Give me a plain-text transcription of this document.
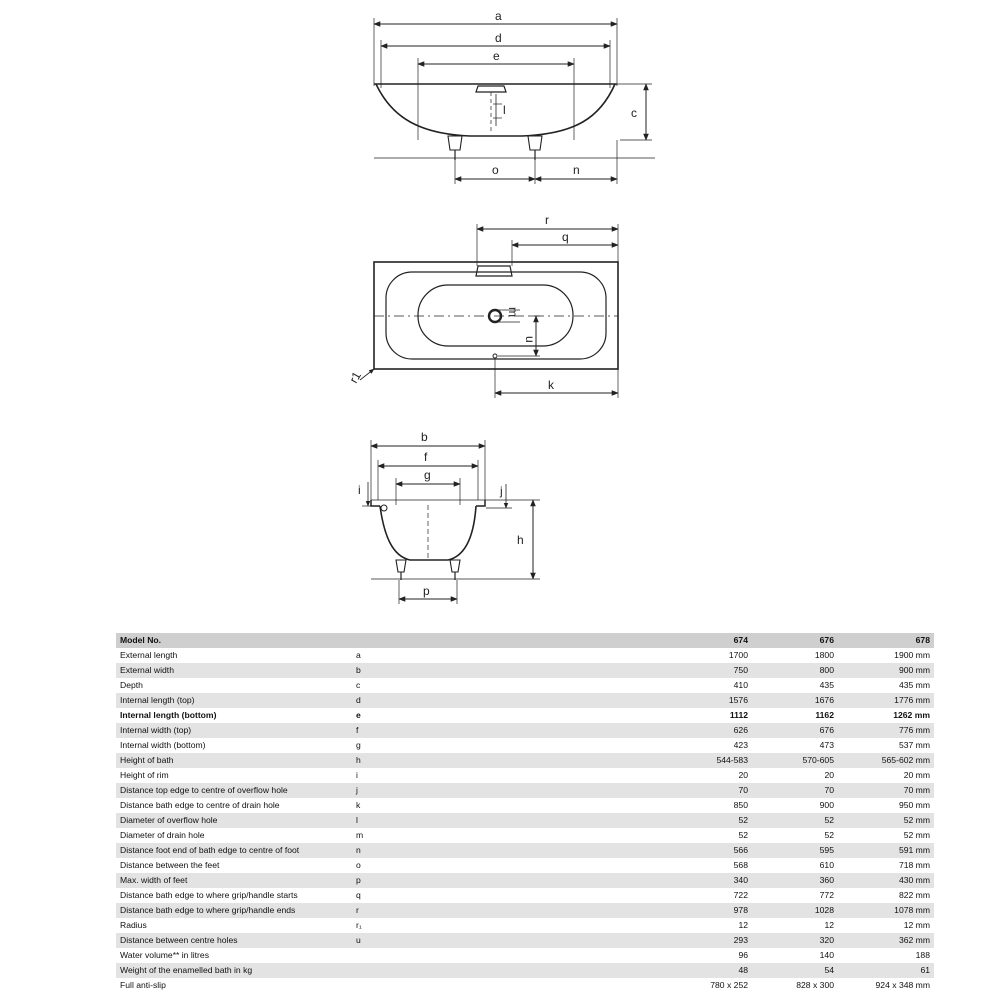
a
d
e
l	c
o	n
r
q
m
u
k
r1
b
f
g
i	j
h
p
Model No.		674	676	678
External length	a	1700	1800	1900 mm
External width	b	750	800	900 mm
Depth	c	410	435	435 mm
Internal length (top)	d	1576	1676	1776 mm
Internal length (bottom)	e	1112	1162	1262 mm
Internal width (top)	f	626	676	776 mm
Internal width (bottom)	g	423	473	537 mm
Height of bath	h	544-583	570-605	565-602 mm
Height of rim	i	20	20	20 mm
Distance top edge to centre of overflow hole	j	70	70	70 mm
Distance bath edge to centre of drain hole	k	850	900	950 mm
Diameter of overflow hole	l	52	52	52 mm
Diameter of drain hole	m	52	52	52 mm
Distance foot end of bath edge to centre of foot	n	566	595	591 mm
Distance between the feet	o	568	610	718 mm
Max. width of feet	p	340	360	430 mm
Distance bath edge to where grip/handle starts	q	722	772	822 mm
Distance bath edge to where grip/handle ends	r	978	1028	1078 mm
Radius	r₁	12	12	12 mm
Distance between centre holes	u	293	320	362 mm
Water volume** in litres		96	140	188
Weight of the enamelled bath in kg		48	54	61
Full anti-slip		780 x 252	828 x 300	924 x 348 mm
